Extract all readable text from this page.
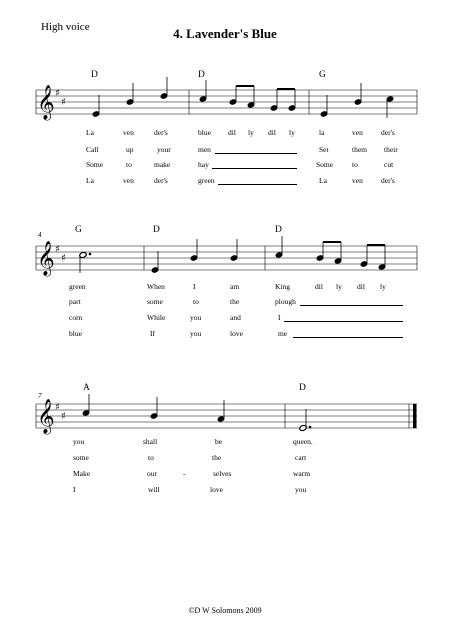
High voice	4. Lavender's Blue
D	D	G
𝄞 ♯
♯
La	ven	der's	blue dil ly dil ly	la	ven der's
Call	up	your	men	Set	them their
Some	to	make	hay	Some	to	cut
La	ven	der's	green	La	ven der's
4	G	D	D
𝄞 ♯
♯
green	When	I	am	King	dil ly dil ly
part	some	to	the	plough
corn	While	you	and	I
blue	If	you	love	me
7
A	D
𝄞 ♯
♯
you	shall	be	queen.
some	to	the	cart
Make	our	-	selves	warm
I	will	love	you
©D W Solomons 2009
